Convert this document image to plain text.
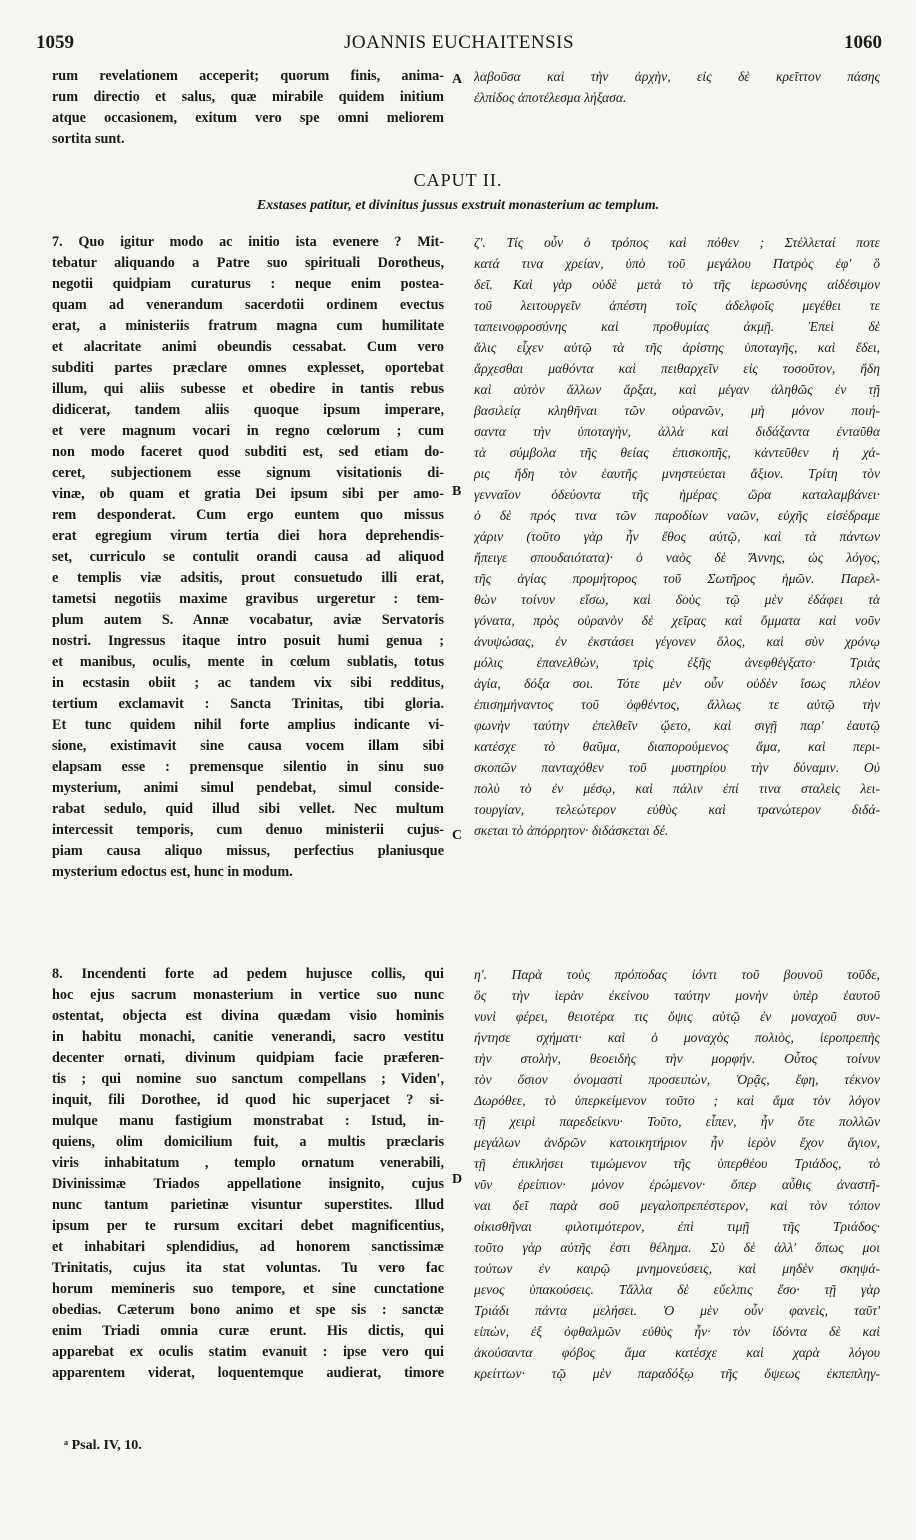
1059	JOANNIS EUCHAITENSIS	1060
rum revelationem acceperit; quorum finis, anima-
rum directio et salus, quæ mirabile quidem initium
atque occasionem, exitum vero spe omni meliorem
sortita sunt.
A λαβοῦσα καὶ τὴν ἀρχὴν, εἰς δὲ κρεῖττον πάσης
ἐλπίδος ἀποτέλεσμα λήξασα.
CAPUT II.
Exstases patitur, et divinitus jussus exstruit monasterium ac templum.
7. Quo igitur modo ac initio ista evenere ? Mit-
tebatur aliquando a Patre suo spirituali Dorotheus,
negotii quidpiam curaturus : neque enim postea-
quam ad venerandum sacerdotii ordinem evectus
erat, a ministeriis fratrum magna cum humilitate
et alacritate animi obeundis cessabat. Cum vero
subditi partes præclare omnes explesset, oportebat
illum, qui aliis subesse et obedire in tantis rebus
didicerat, tandem aliis quoque ipsum imperare,
et vere magnum vocari in regno cœlorum ; cum
non modo faceret quod subditi est, sed etiam do-
ceret, subjectionem esse signum visitationis di-
vinæ, ob quam et gratia Dei ipsum sibi per amo-
rem desponderat. Cum ergo euntem quo missus
erat egregium virum tertia diei hora deprehendis-
set, curriculo se contulit orandi causa ad aliquod
e templis viæ adsitis, prout consuetudo illi erat,
tametsi negotiis maxime gravibus urgeretur : tem-
plum autem S. Annæ vocabatur, aviæ Servatoris
nostri. Ingressus itaque intro posuit humi genua ;
et manibus, oculis, mente in cœlum sublatis, totus
in ecstasin obiit ; ac tandem vix sibi redditus,
tertium exclamavit : Sancta Trinitas, tibi gloria.
Et tunc quidem nihil forte amplius indicante vi-
sione, existimavit sine causa vocem illam sibi
elapsam esse : premensque silentio in sinu suo
mysterium, animi simul pendebat, simul conside-
rabat sedulo, quid illud sibi vellet. Nec multum
intercessit temporis, cum denuo ministerii cujus-
piam causa aliquo missus, perfectius planiusque
mysterium edoctus est, hunc in modum.
8. Incendenti forte ad pedem hujusce collis, qui
hoc ejus sacrum monasterium in vertice suo nunc
ostentat, objecta est divina quædam visio hominis
in habitu monachi, canitie venerandi, sacro vestitu
decenter ornati, divinum quidpiam facie præferen-
tis ; qui nomine suo sanctum compellans ; Viden',
inquit, fili Dorothee, id quod hic superjacet ? si-
mulque manu fastigium monstrabat : Istud, in-
quiens, olim domicilium fuit, a multis præclaris
viris inhabitatum , templo ornatum venerabili,
Divinissimæ Triados appellatione insignito, cujus
nunc tantum parietinæ visuntur superstites. Illud
ipsum per te rursum excitari debet magnificentius,
et inhabitari splendidius, ad honorem sanctissimæ
Trinitatis, cujus ita stat voluntas. Tu vero fac
horum memineris suo tempore, et sine cunctatione
obedias. Cæterum bono animo et spe sis : sanctæ
enim Triadi omnia curæ erunt. His dictis, qui
apparebat ex oculis statim evanuit : ipse vero qui
apparentem viderat, loquentemque audierat, timore
B
C
D
ζ'. Τίς οὖν ὁ τρόπος καὶ πόθεν ; Στέλλεταί ποτε
κατά τινα χρείαν, ὑπὸ τοῦ μεγάλου Πατρὸς ἐφ' ὃ
δεῖ. Καὶ γὰρ οὐδὲ μετὰ τὸ τῆς ἱερωσύνης αἰδέσιμον
τοῦ λειτουργεῖν ἀπέστη τοῖς ἀδελφοῖς μεγέθει τε
ταπεινοφροσύνης καὶ προθυμίας ἀκμῇ. Ἐπεὶ δὲ
ἅλις εἶχεν αὐτῷ τὰ τῆς ἀρίστης ὑποταγῆς, καὶ ἔδει,
ἄρχεσθαι μαθόντα καὶ πειθαρχεῖν εἰς τοσοῦτον, ἤδη
καὶ αὐτὸν ἄλλων ἄρξαι, καὶ μέγαν ἀληθῶς ἐν τῇ
βασιλείᾳ κληθῆναι τῶν οὐρανῶν, μὴ μόνον ποιή-
σαντα τὴν ὑποταγὴν, ἀλλὰ καὶ διδάξαντα ἐνταῦθα
τὰ σύμβολα τῆς θείας ἐπισκοπῆς, κἀντεῦθεν ἡ χά-
ρις ἤδη τὸν ἑαυτῆς μνηστεύεται ἄξιον. Τρίτη τὸν
γενναῖον ὁδεύοντα τῆς ἡμέρας ὥρα καταλαμβάνει·
ὁ δὲ πρός τινα τῶν παροδίων ναῶν, εὐχῆς εἰσέδραμε
χάριν (τοῦτο γὰρ ἦν ἔθος αὐτῷ, καὶ τὰ πάντων
ἤπειγε σπουδαιότατα)· ὁ ναὸς δὲ Ἄννης, ὡς λόγος,
τῆς ἁγίας προμήτορος τοῦ Σωτῆρος ἡμῶν. Παρελ-
θὼν τοίνυν εἴσω, καὶ δοὺς τῷ μὲν ἐδάφει τὰ
γόνατα, πρὸς οὐρανὸν δὲ χεῖρας καὶ ὄμματα καὶ νοῦν
ἀνυψώσας, ἐν ἐκστάσει γέγονεν ὅλος, καὶ σὺν χρόνῳ
μόλις ἐπανελθὼν, τρὶς ἐξῆς ἀνεφθέγξατο· Τριὰς
ἁγία, δόξα σοι. Τότε μὲν οὖν οὐδὲν ἴσως πλέον
ἐπισημήναντος τοῦ ὀφθέντος, ἄλλως τε αὐτῷ τὴν
φωνὴν ταύτην ἐπελθεῖν ᾤετο, καὶ σιγῇ παρ' ἑαυτῷ
κατέσχε τὸ θαῦμα, διαπορούμενος ἅμα, καὶ περι-
σκοπῶν πανταχόθεν τοῦ μυστηρίου τὴν δύναμιν. Οὐ
πολὺ τὸ ἐν μέσῳ, καὶ πάλιν ἐπί τινα σταλεὶς λει-
τουργίαν, τελεώτερον εὐθὺς καὶ τρανώτερον διδά-
σκεται τὸ ἀπόρρητον· διδάσκεται δέ.
η'. Παρὰ τοὺς πρόποδας ἰόντι τοῦ βουνοῦ τοῦδε,
ὃς τὴν ἱερὰν ἐκείνου ταύτην μονὴν ὑπὲρ ἑαυτοῦ
νυνὶ φέρει, θειοτέρα τις ὄψις αὐτῷ ἐν μοναχοῦ συν-
ήντησε σχήματι· καὶ ὁ μοναχὸς πολιὸς, ἱεροπρεπὴς
τὴν στολὴν, θεοειδὴς τὴν μορφήν. Οὗτος τοίνυν
τὸν ὅσιον ὀνομαστὶ προσειπὼν, Ὁρᾷς, ἔφη, τέκνον
Δωρόθεε, τὸ ὑπερκείμενον τοῦτο ; καὶ ἅμα τὸν λόγον
τῇ χειρὶ παρεδείκνυ· Τοῦτο, εἶπεν, ἦν ὅτε πολλῶν
μεγάλων ἀνδρῶν κατοικητήριον ἦν ἱερὸν ἔχον ἅγιον,
τῇ ἐπικλήσει τιμώμενον τῆς ὑπερθέου Τριάδος, τὸ
νῦν ἐρείπιον· μόνον ἐρώμενον· ὅπερ αὖθις ἀναστῆ-
ναι δεῖ παρὰ σοῦ μεγαλοπρεπέστερον, καὶ τὸν τόπον
οἰκισθῆναι φιλοτιμότερον, ἐπὶ τιμῇ τῆς Τριάδος·
τοῦτο γὰρ αὐτῆς ἐστι θέλημα. Σὺ δὲ ἀλλ' ὅπως μοι
τούτων ἐν καιρῷ μνημονεύσεις, καὶ μηδὲν σκηψά-
μενος ὑπακούσεις. Τἄλλα δὲ εὔελπις ἔσο· τῇ γὰρ
Τριάδι πάντα μελήσει. Ὁ μὲν οὖν φανεὶς, ταῦτ'
εἰπὼν, ἐξ ὀφθαλμῶν εὐθὺς ἦν· τὸν ἰδόντα δὲ καὶ
ἀκούσαντα φόβος ἅμα κατέσχε καὶ χαρὰ λόγου
κρείττων· τῷ μὲν παραδόξῳ τῆς ὄψεως ἐκπεπληγ-
ᵃ Psal. IV, 10.
